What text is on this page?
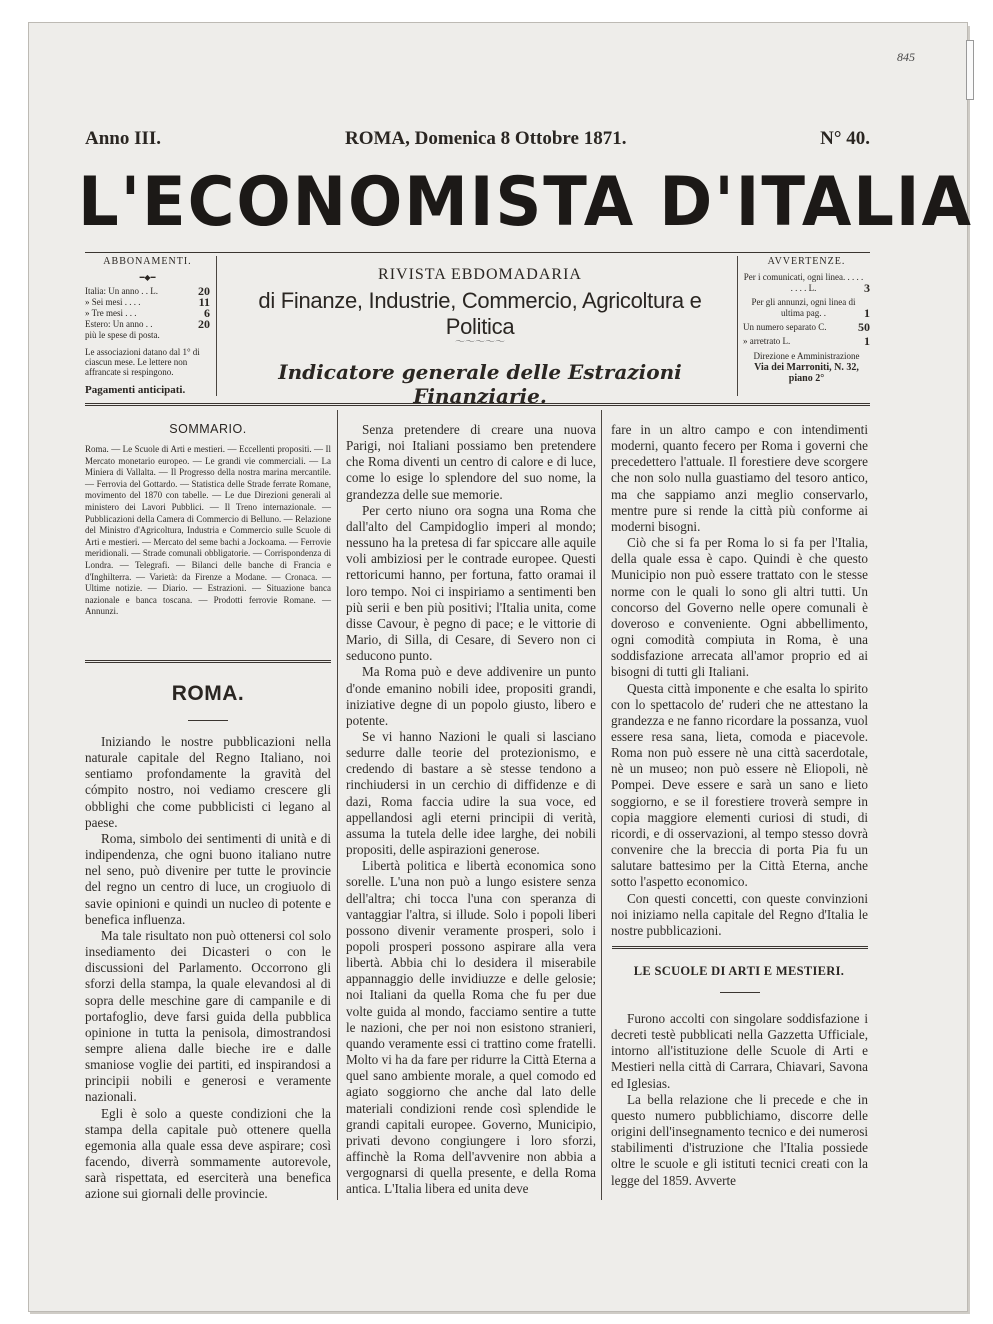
845
Anno III.	ROMA, Domenica 8 Ottobre 1871.	N° 40.
L'ECONOMISTA D'ITALIA
ABBONAMENTI.
━◆━
Italia: Un anno . . L.	20
» Sei mesi . . . .	11
» Tre mesi . . .	6
Estero: Un anno . .	20
più le spese di posta.
Le associazioni datano dal 1° di ciascun mese. Le lettere non affrancate si respingono.
Pagamenti anticipati.
RIVISTA EBDOMADARIA
di Finanze, Industrie, Commercio, Agricoltura e Politica
〜〜〜〜〜
Indicatore generale delle Estrazioni Finanziarie.
AVVERTENZE.
Per i comunicati, ogni linea. . . . . . . . . L.	3
Per gli annunzi, ogni linea di ultima pag. .	1
Un numero separato C.	50
» arretrato L.	1
Direzione e Amministrazione
Via dei Marroniti, N. 32, piano 2°
SOMMARIO.
Roma. — Le Scuole di Arti e mestieri. — Eccellenti propositi. — Il Mercato monetario europeo. — Le grandi vie commerciali. — La Miniera di Vallalta. — Il Progresso della nostra marina mercantile. — Ferrovia del Gottardo. — Statistica delle Strade ferrate Romane, movimento del 1870 con tabelle. — Le due Direzioni generali al ministero dei Lavori Pubblici. — Il Treno internazionale. — Pubblicazioni della Camera di Commercio di Belluno. — Relazione del Ministro d'Agricoltura, Industria e Commercio sulle Scuole di Arti e mestieri. — Mercato del seme bachi a Jockoama. — Ferrovie meridionali. — Strade comunali obbligatorie. — Corrispondenza di Londra. — Telegrafi. — Bilanci delle banche di Francia e d'Inghilterra. — Varietà: da Firenze a Modane. — Cronaca. — Ultime notizie. — Diario. — Estrazioni. — Situazione banca nazionale e banca toscana. — Prodotti ferrovie Romane. — Annunzi.
ROMA.

Iniziando le nostre pubblicazioni nella naturale capitale del Regno Italiano, noi sentiamo profondamente la gravità del cómpito nostro, noi vediamo crescere gli obblighi che come pubblicisti ci legano al paese.

Roma, simbolo dei sentimenti di unità e di indipendenza, che ogni buono italiano nutre nel seno, può divenire per tutte le provincie del regno un centro di luce, un crogiuolo di savie opinioni e quindi un nucleo di potente e benefica influenza.

Ma tale risultato non può ottenersi col solo insediamento dei Dicasteri o con le discussioni del Parlamento. Occorrono gli sforzi della stampa, la quale elevandosi al di sopra delle meschine gare di campanile e di portafoglio, deve farsi guida della pubblica opinione in tutta la penisola, dimostrandosi sempre aliena dalle bieche ire e dalle smaniose voglie dei partiti, ed inspirandosi a principii nobili e generosi e veramente nazionali.

Egli è solo a queste condizioni che la stampa della capitale può ottenere quella egemonia alla quale essa deve aspirare; così facendo, diverrà sommamente autorevole, sarà rispettata, ed eserciterà una benefica azione sui giornali delle provincie.

Senza pretendere di creare una nuova Parigi, noi Italiani possiamo ben pretendere che Roma diventi un centro di calore e di luce, come lo esige lo splendore del suo nome, la grandezza delle sue memorie.

Per certo niuno ora sogna una Roma che dall'alto del Campidoglio imperi al mondo; nessuno ha la pretesa di far spiccare alle aquile voli ambiziosi per le contrade europee. Questi rettoricumi hanno, per fortuna, fatto oramai il loro tempo. Noi ci inspiriamo a sentimenti ben più serii e ben più positivi; l'Italia unita, come disse Cavour, è pegno di pace; e le vittorie di Mario, di Silla, di Cesare, di Severo non ci seducono punto.

Ma Roma può e deve addivenire un punto d'onde emanino nobili idee, propositi grandi, iniziative degne di un popolo giusto, libero e potente.

Se vi hanno Nazioni le quali si lasciano sedurre dalle teorie del protezionismo, e credendo di bastare a sè stesse tendono a rinchiudersi in un cerchio di diffidenze e di dazi, Roma faccia udire la sua voce, ed appellandosi agli eterni principii di verità, assuma la tutela delle idee larghe, dei nobili propositi, delle aspirazioni generose.

Libertà politica e libertà economica sono sorelle. L'una non può a lungo esistere senza dell'altra; chi tocca l'una con speranza di vantaggiar l'altra, si illude. Solo i popoli liberi possono divenir veramente prosperi, solo i popoli prosperi possono aspirare alla vera libertà. Abbia chi lo desidera il miserabile appannaggio delle invidiuzze e delle gelosie; noi Italiani da quella Roma che fu per due volte guida al mondo, facciamo sentire a tutte le nazioni, che per noi non esistono stranieri, quando veramente essi ci trattino come fratelli. Molto vi ha da fare per ridurre la Città Eterna a quel sano ambiente morale, a quel comodo ed agiato soggiorno che anche dal lato delle materiali condizioni rende così splendide le grandi capitali europee. Governo, Municipio, privati devono congiungere i loro sforzi, affinchè la Roma dell'avvenire non abbia a vergognarsi di quella presente, e della Roma antica. L'Italia libera ed unita deve

fare in un altro campo e con intendimenti moderni, quanto fecero per Roma i governi che precedettero l'attuale. Il forestiere deve scorgere che non solo nulla guastiamo del tesoro antico, ma che sappiamo anzi meglio conservarlo, mentre pure si rende la città più conforme ai moderni bisogni.

Ciò che si fa per Roma lo si fa per l'Italia, della quale essa è capo. Quindi è che questo Municipio non può essere trattato con le stesse norme con le quali lo sono gli altri tutti. Un concorso del Governo nelle opere comunali è doveroso e conveniente. Ogni abbellimento, ogni comodità compiuta in Roma, è una soddisfazione arrecata all'amor proprio ed ai bisogni di tutti gli Italiani.

Questa città imponente e che esalta lo spirito con lo spettacolo de' ruderi che ne attestano la grandezza e ne fanno ricordare la possanza, vuol essere resa sana, lieta, comoda e piacevole. Roma non può essere nè una città sacerdotale, nè un museo; non può essere nè Eliopoli, nè Pompei. Deve essere e sarà un sano e lieto soggiorno, e se il forestiere troverà sempre in copia maggiore elementi curiosi di studi, di ricordi, e di osservazioni, al tempo stesso dovrà convenire che la breccia di porta Pia fu un salutare battesimo per la Città Eterna, anche sotto l'aspetto economico.

Con questi concetti, con queste convinzioni noi iniziamo nella capitale del Regno d'Italia le nostre pubblicazioni.

LE SCUOLE DI ARTI E MESTIERI.

Furono accolti con singolare soddisfazione i decreti testè pubblicati nella Gazzetta Ufficiale, intorno all'istituzione delle Scuole di Arti e Mestieri nella città di Carrara, Chiavari, Savona ed Iglesias.

La bella relazione che li precede e che in questo numero pubblichiamo, discorre delle origini dell'insegnamento tecnico e dei numerosi stabilimenti d'istruzione che l'Italia possiede oltre le scuole e gli istituti tecnici creati con la legge del 1859. Avverte
